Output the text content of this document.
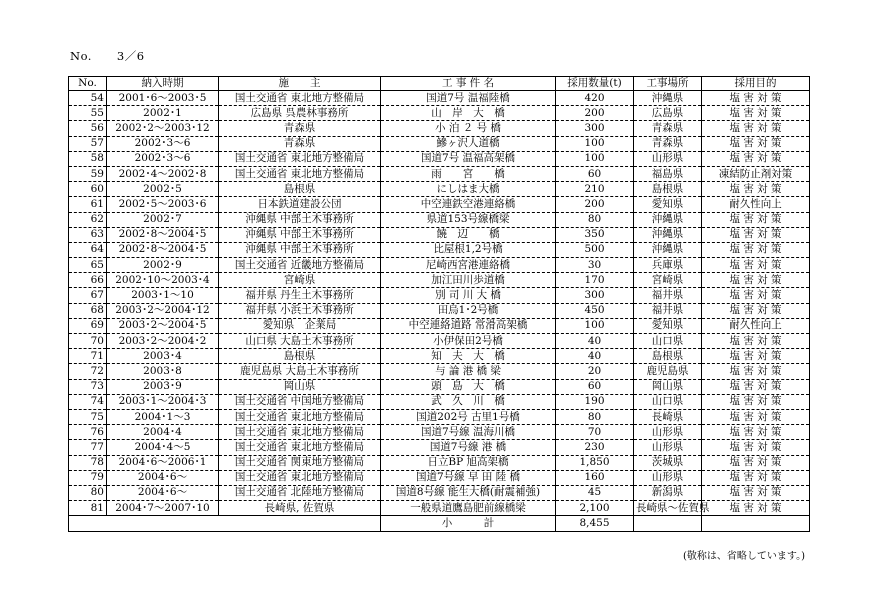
No. 3／6
No.	納入時期	施　　主	工 事 件 名	採用数量(t)	工事場所	採用目的
54	2001･6～2003･5	国土交通省 東北地方整備局	国道7号 温福陸橋	420	沖縄県	塩 害 対 策
55	2002･1	広島県 呉農林事務所	山　岸　大　橋	200	広島県	塩 害 対 策
56	2002･2～2003･12	青森県	小 泊 ２ 号 橋	300	青森県	塩 害 対 策
57	2002･3～6	青森県	鰺ヶ沢人道橋	100	青森県	塩 害 対 策
58	2002･3～6	国土交通省 東北地方整備局	国道7号 温福高架橋	100	山形県	塩 害 対 策
59	2002･4～2002･8	国土交通省 東北地方整備局	雨　　宮　　橋	60	福島県	凍結防止剤対策
60	2002･5	島根県	にしはま大橋	210	島根県	塩 害 対 策
61	2002･5～2003･6	日本鉄道建設公団	中空連鉄空港連絡橋	200	愛知県	耐久性向上
62	2002･7	沖縄県 中部土木事務所	県道153号線橋梁	80	沖縄県	塩 害 対 策
63	2002･8～2004･5	沖縄県 中部土木事務所	饒　辺　　橋	350	沖縄県	塩 害 対 策
64	2002･8～2004･5	沖縄県 中部土木事務所	比屋根1,2号橋	500	沖縄県	塩 害 対 策
65	2002･9	国土交通省 近畿地方整備局	尼崎西宮港連絡橋	30	兵庫県	塩 害 対 策
66	2002･10～2003･4	宮崎県	加江田川歩道橋	170	宮崎県	塩 害 対 策
67	2003･1～10	福井県 丹生土木事務所	別 司 川 大 橋	300	福井県	塩 害 対 策
68	2003･2～2004･12	福井県 小浜土木事務所	田烏1･2号橋	450	福井県	塩 害 対 策
69	2003･2～2004･5	愛知県　企業局	中空連絡道路 常滑高架橋	100	愛知県	耐久性向上
70	2003･2～2004･2	山口県 大島土木事務所	小伊保田2号橋	40	山口県	塩 害 対 策
71	2003･4	島根県	知　夫　大　橋	40	島根県	塩 害 対 策
72	2003･8	鹿児島県 大島土木事務所	与 論 港 橋 梁	20	鹿児島県	塩 害 対 策
73	2003･9	岡山県	頭　島　大　橋	60	岡山県	塩 害 対 策
74	2003･1～2004･3	国土交通省 中国地方整備局	武　久　川　橋	190	山口県	塩 害 対 策
75	2004･1～3	国土交通省 東北地方整備局	国道202号 古里1号橋	80	長崎県	塩 害 対 策
76	2004･4	国土交通省 東北地方整備局	国道7号線 温海川橋	70	山形県	塩 害 対 策
77	2004･4～5	国土交通省 東北地方整備局	国道7号線 港 橋	230	山形県	塩 害 対 策
78	2004･6～2006･1	国土交通省 関東地方整備局	日立BP 旭高架橋	1,850	茨城県	塩 害 対 策
79	2004･6～	国土交通省 東北地方整備局	国道7号線 早 田 陸 橋	160	山形県	塩 害 対 策
80	2004･6～	国土交通省 北陸地方整備局	国道8号線 能生大橋(耐震補強)	45	新潟県	塩 害 対 策
81	2004･7～2007･10	長崎県, 佐賀県	一般県道鷹島肥前線橋梁	2,100	長崎県～佐賀県	塩 害 対 策
			小　　　計	8,455		
(敬称は、省略しています。)
